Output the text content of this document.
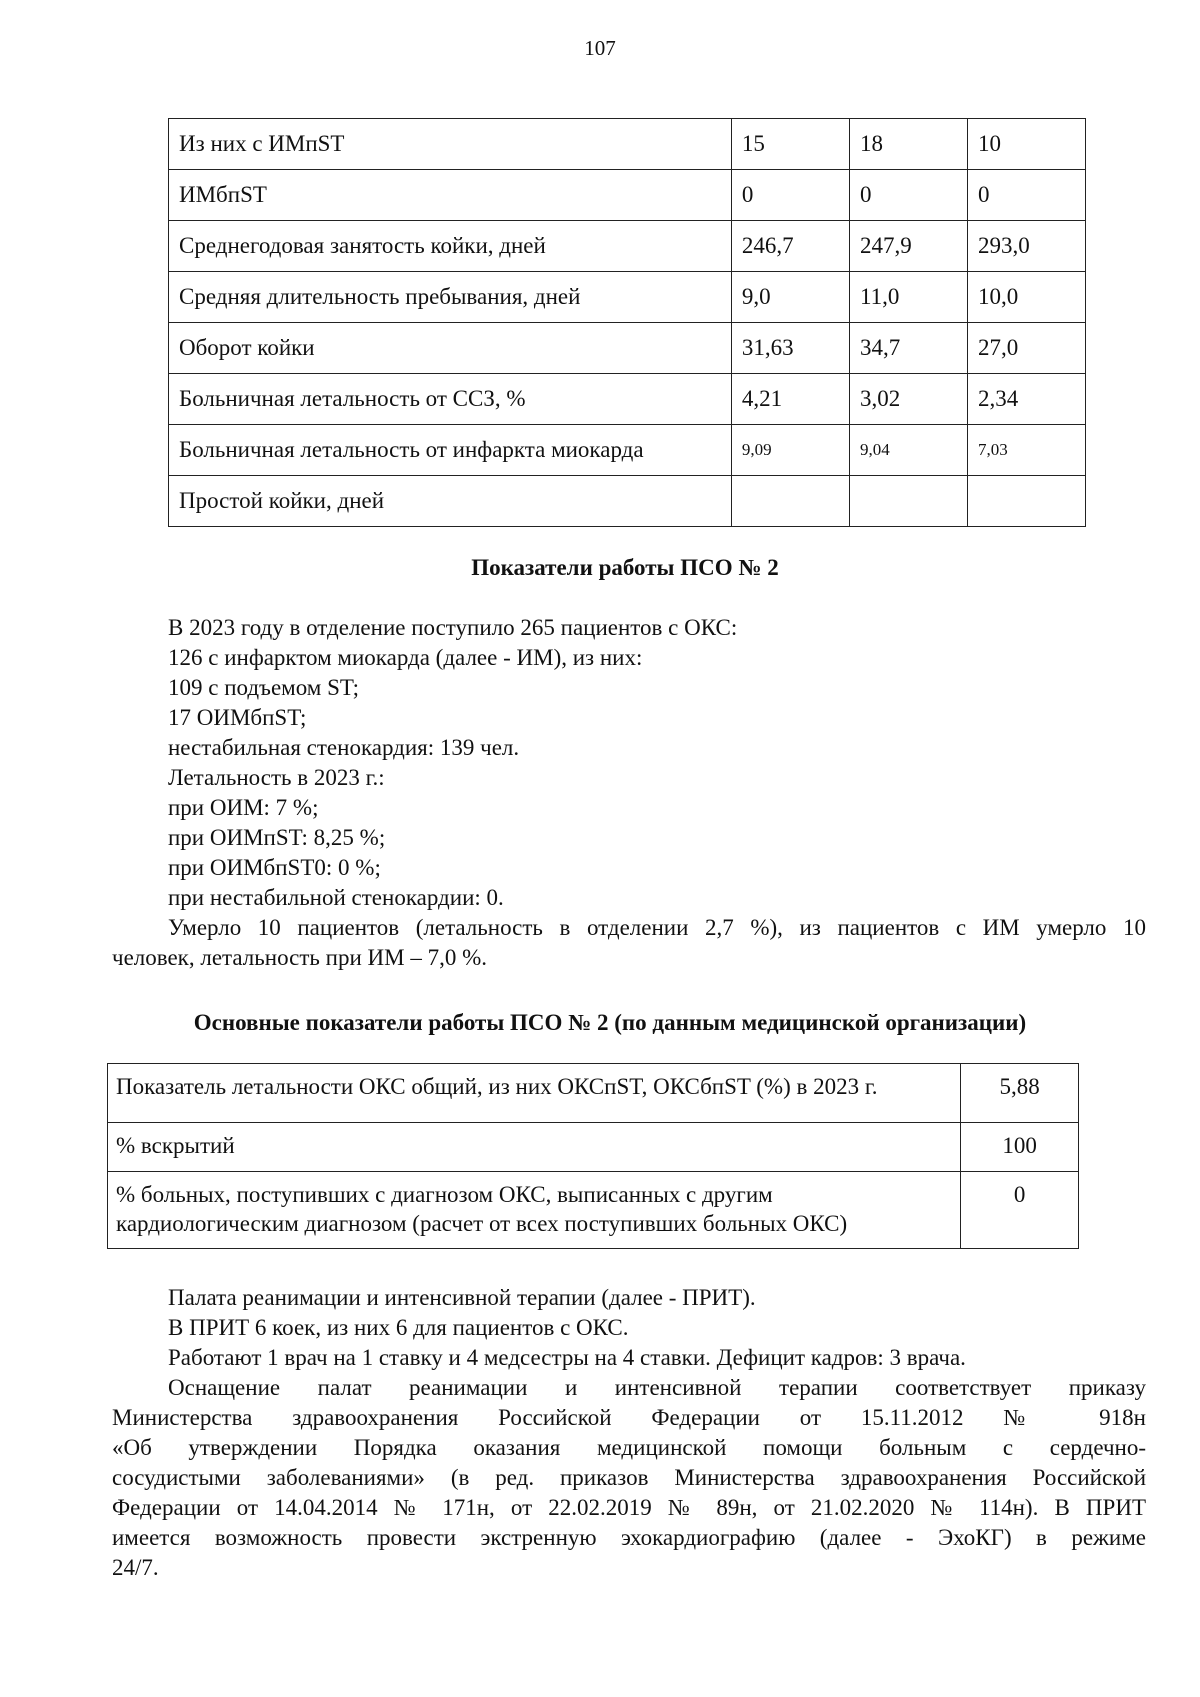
107
Из них с ИМпST	15	18	10
ИМбпST	0	0	0
Среднегодовая занятость койки, дней	246,7	247,9	293,0
Средняя длительность пребывания, дней	9,0	11,0	10,0
Оборот койки	31,63	34,7	27,0
Больничная летальность от ССЗ, %	4,21	3,02	2,34
Больничная летальность от инфаркта миокарда	9,09	9,04	7,03
Простой койки, дней			
Показатели работы ПСО № 2
В 2023 году в отделение поступило 265 пациентов с ОКС:
126 с инфарктом миокарда (далее - ИМ), из них:
109 с подъемом ST;
17 ОИМбпST;
нестабильная стенокардия: 139 чел.
Летальность в 2023 г.:
при ОИМ: 7 %;
при ОИМпST: 8,25 %;
при ОИМбпST0: 0 %;
при нестабильной стенокардии: 0.
Умерло 10 пациентов (летальность в отделении 2,7 %), из пациентов с ИМ умерло 10
человек, летальность при ИМ – 7,0 %.
Основные показатели работы ПСО № 2 (по данным медицинской организации)
Показатель летальности ОКС общий, из них ОКСпST, ОКСбпST (%) в 2023 г.	5,88
% вскрытий	100
% больных, поступивших с диагнозом ОКС, выписанных с другим кардиологическим диагнозом (расчет от всех поступивших больных ОКС)	0
Палата реанимации и интенсивной терапии (далее - ПРИТ).
В ПРИТ 6 коек, из них 6 для пациентов с ОКС.
Работают 1 врач на 1 ставку и 4 медсестры на 4 ставки. Дефицит кадров: 3 врача.
Оснащение палат реанимации и интенсивной терапии соответствует приказу
Министерства здравоохранения Российской Федерации от 15.11.2012 № 918н
«Об утверждении Порядка оказания медицинской помощи больным с сердечно-
сосудистыми заболеваниями» (в ред. приказов Министерства здравоохранения Российской
Федерации от 14.04.2014 № 171н, от 22.02.2019 № 89н, от 21.02.2020 № 114н). В ПРИТ
имеется возможность провести экстренную эхокардиографию (далее - ЭхоКГ) в режиме
24/7.
